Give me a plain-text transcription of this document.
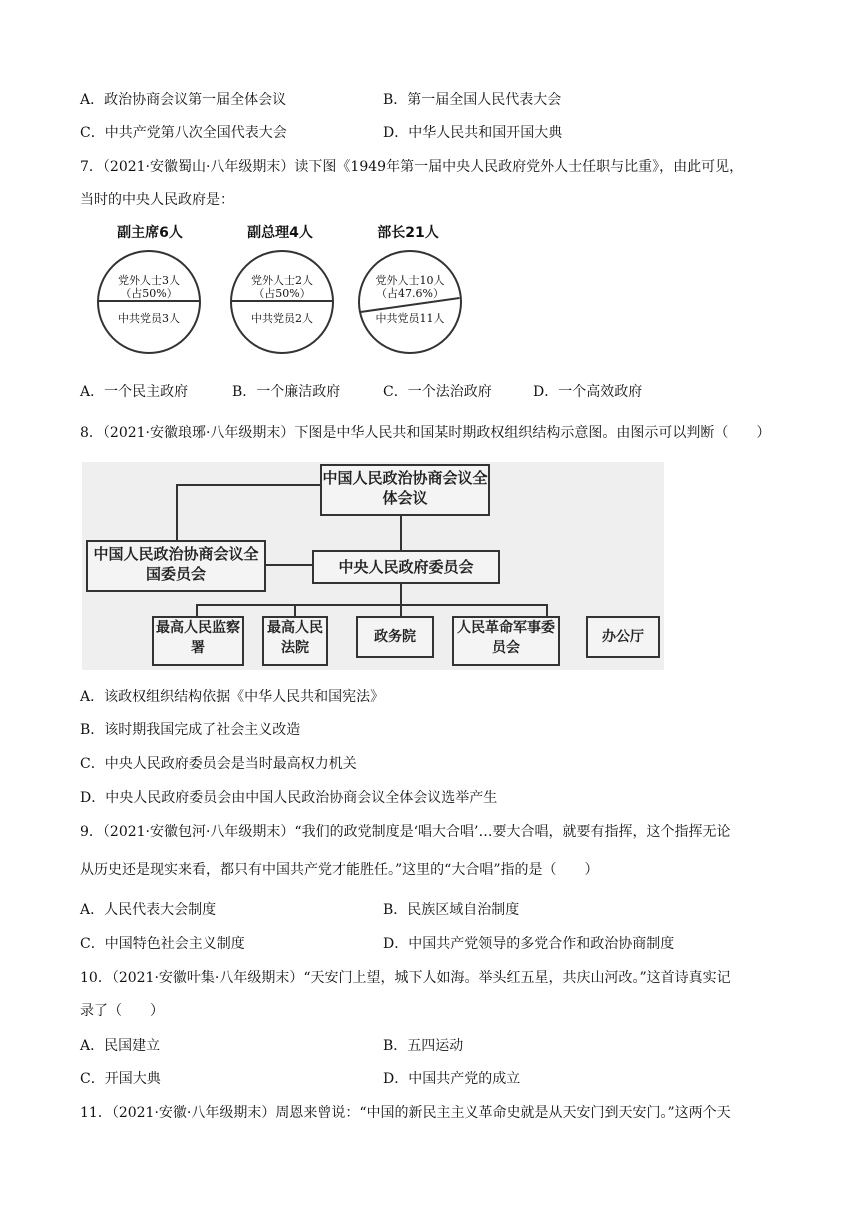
A．政治协商会议第一届全体会议	B．第一届全国人民代表大会
C．中共产党第八次全国代表大会	D．中华人民共和国开国大典
7．（2021·安徽蜀山·八年级期末）读下图《1949年第一届中央人民政府党外人士任职与比重》，由此可见，
当时的中央人民政府是：
副主席6人
党外人士3人
（占50%）
中共党员3人
副总理4人
党外人士2人
（占50%）
中共党员2人
部长21人
党外人士10人
（占47.6%）
中共党员11人
A．一个民主政府	B．一个廉洁政府	C．一个法治政府	D．一个高效政府
8．（2021·安徽琅琊·八年级期末）下图是中华人民共和国某时期政权组织结构示意图。由图示可以判断（　　）
中国人民政治协商会议全体会议
中国人民政治协商会议全国委员会	中央人民政府委员会
最高人民监察署
最高人民法院
政务院
人民革命军事委员会
办公厅
A．该政权组织结构依据《中华人民共和国宪法》
B．该时期我国完成了社会主义改造
C．中央人民政府委员会是当时最高权力机关
D．中央人民政府委员会由中国人民政治协商会议全体会议选举产生
9．（2021·安徽包河·八年级期末）“我们的政党制度是‘唱大合唱’…要大合唱，就要有指挥，这个指挥无论
从历史还是现实来看，都只有中国共产党才能胜任。”这里的“大合唱”指的是（　　）
A．人民代表大会制度	B．民族区域自治制度
C．中国特色社会主义制度	D．中国共产党领导的多党合作和政治协商制度
10．（2021·安徽叶集·八年级期末）“天安门上望，城下人如海。举头红五星，共庆山河改。”这首诗真实记
录了（　　）
A．民国建立	B．五四运动
C．开国大典	D．中国共产党的成立
11．（2021·安徽·八年级期末）周恩来曾说：“中国的新民主主义革命史就是从天安门到天安门。”这两个天
